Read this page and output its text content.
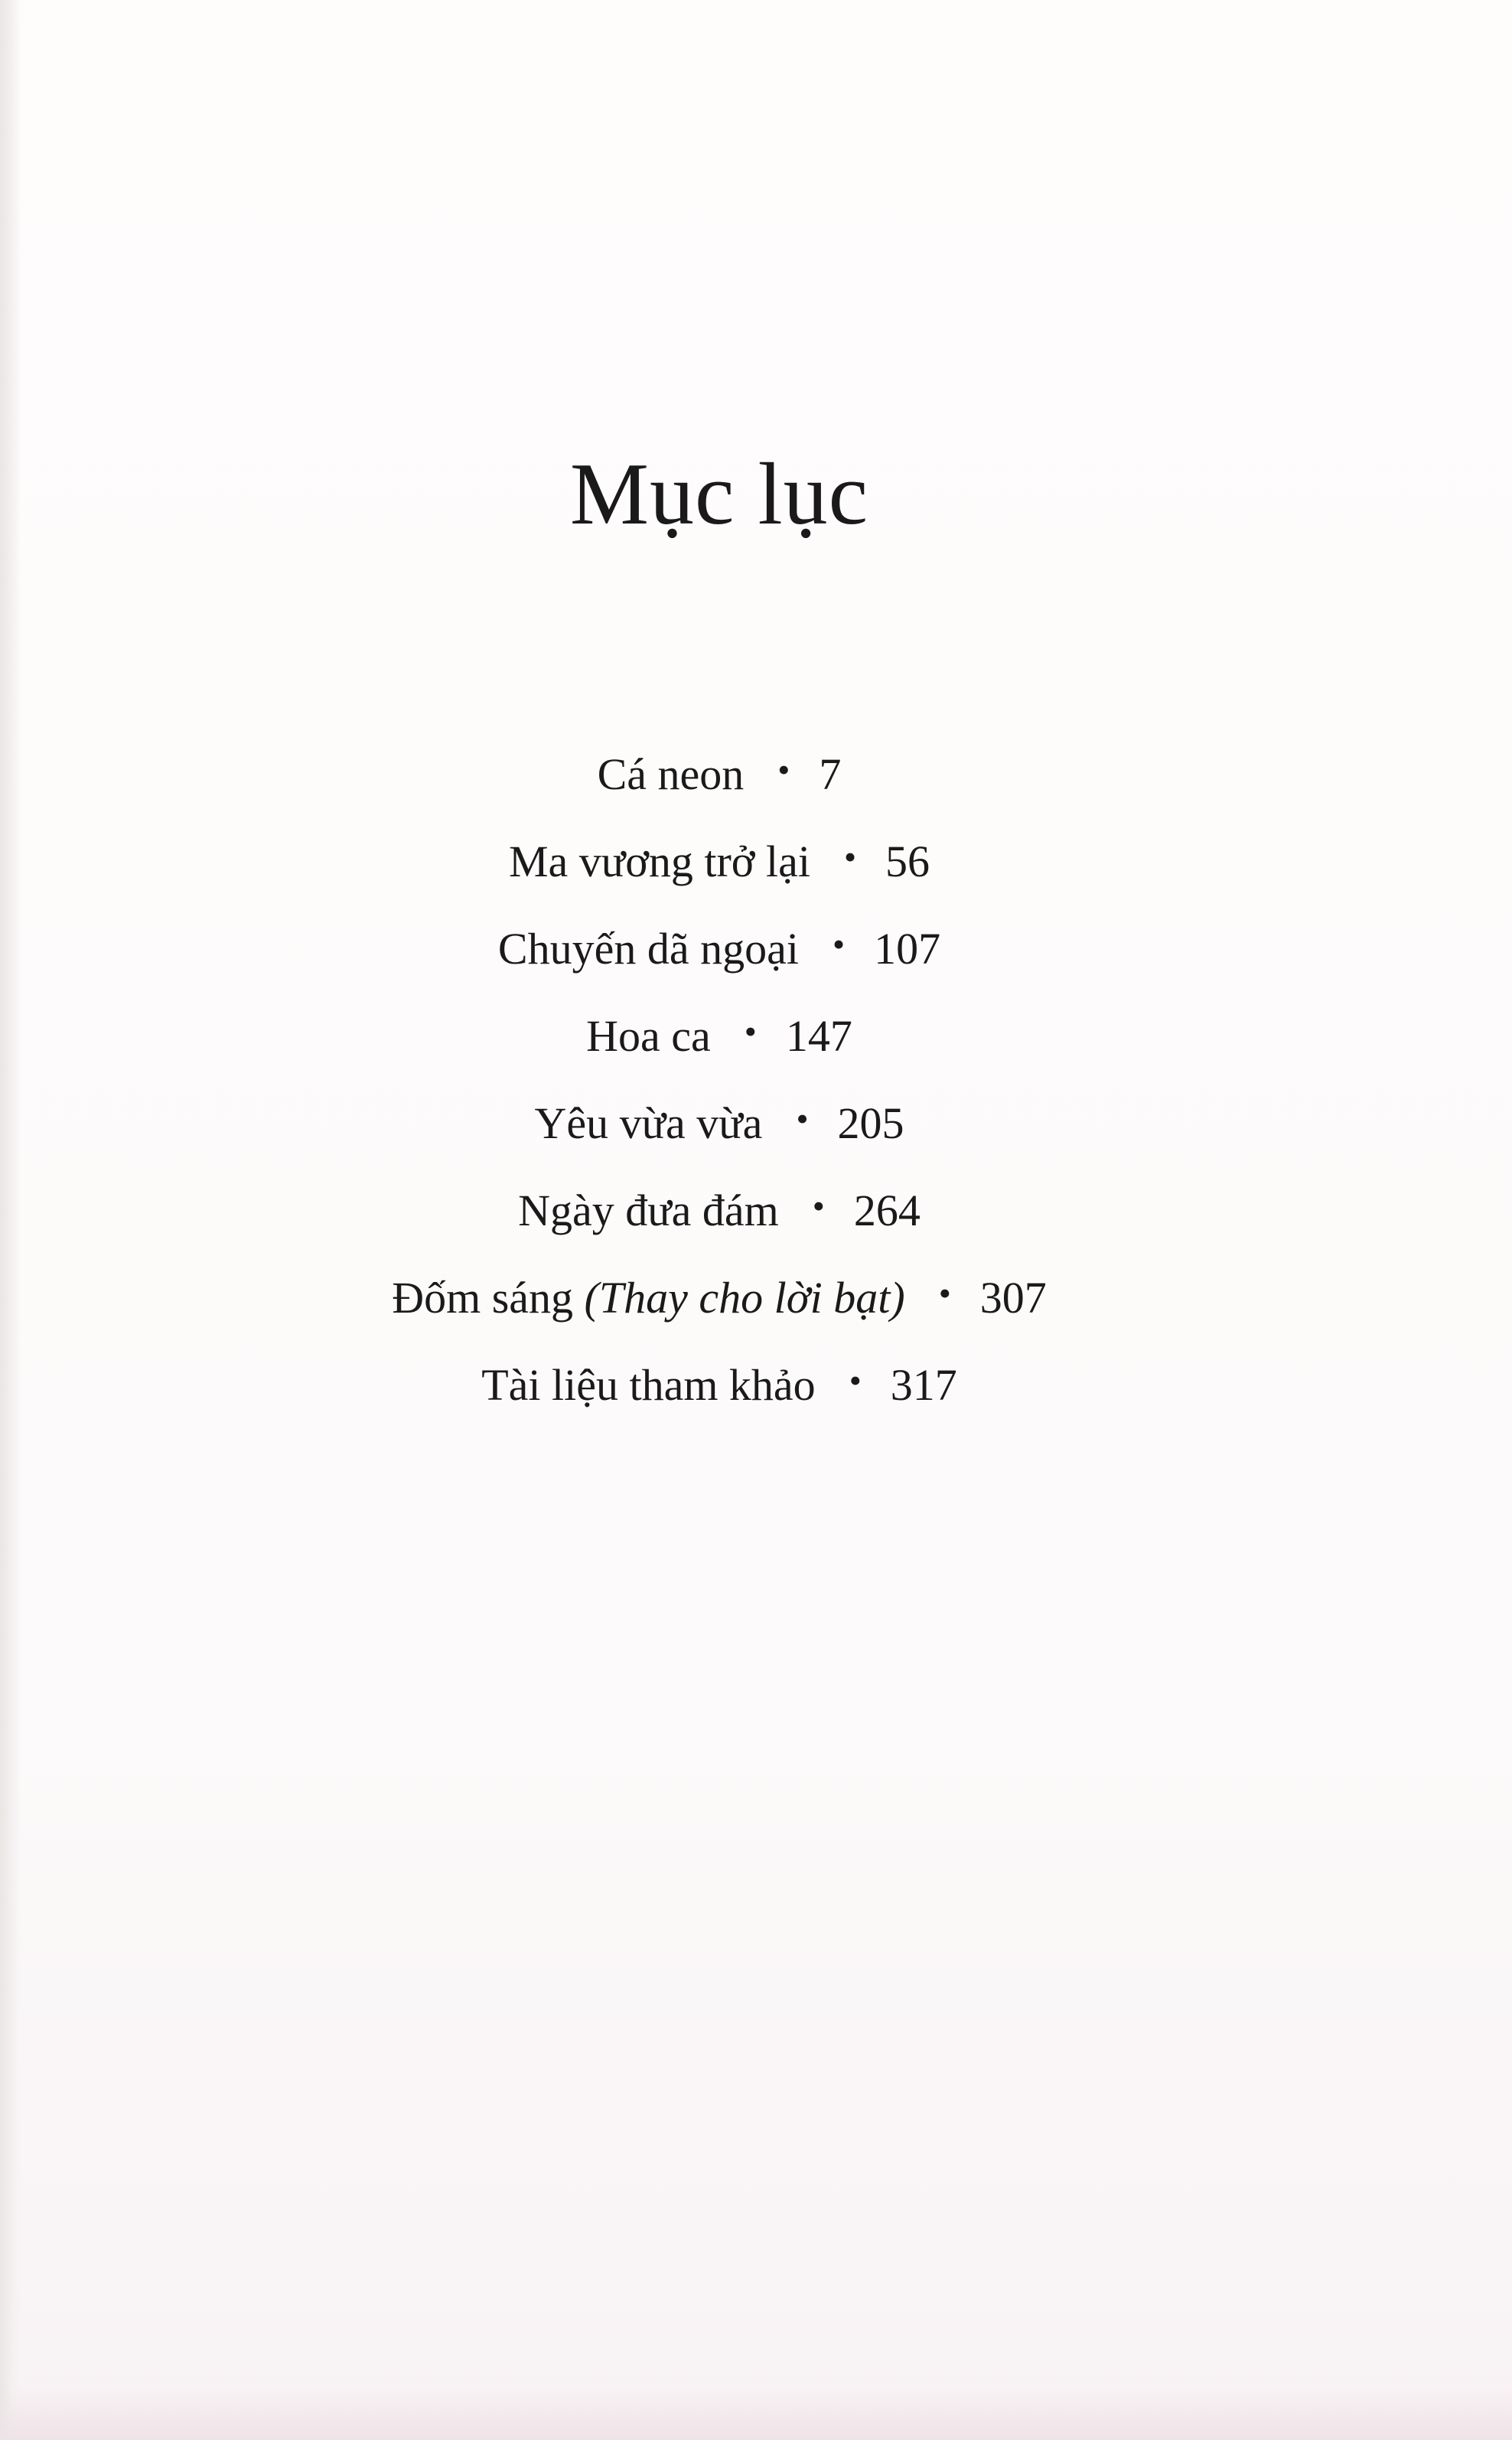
Mục lục
Cá neon • 7
Ma vương trở lại • 56
Chuyến dã ngoại • 107
Hoa ca • 147
Yêu vừa vừa • 205
Ngày đưa đám • 264
Đốm sáng (Thay cho lời bạt) • 307
Tài liệu tham khảo • 317
